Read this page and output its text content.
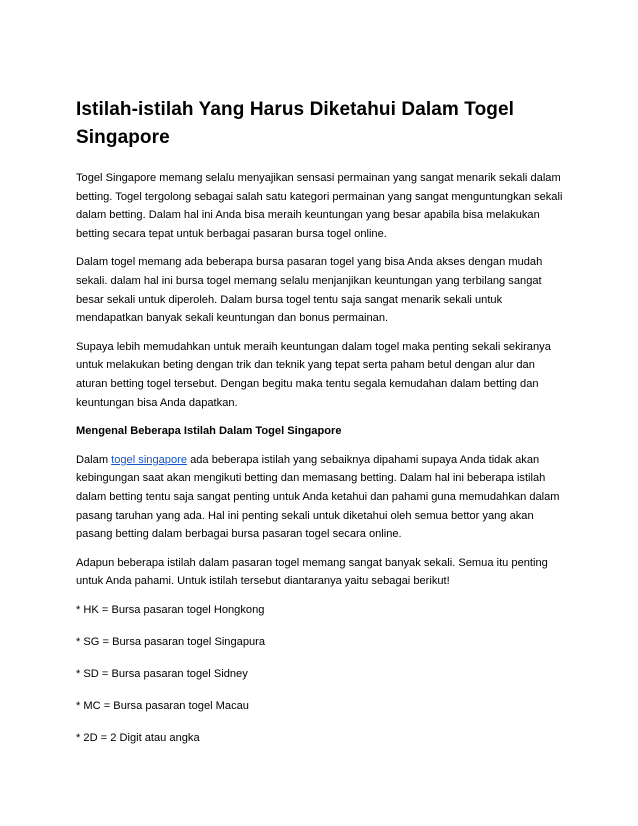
Istilah-istilah Yang Harus Diketahui Dalam Togel Singapore

Togel Singapore memang selalu menyajikan sensasi permainan yang sangat menarik sekali dalam betting. Togel tergolong sebagai salah satu kategori permainan yang sangat menguntungkan sekali dalam betting. Dalam hal ini Anda bisa meraih keuntungan yang besar apabila bisa melakukan betting secara tepat untuk berbagai pasaran bursa togel online.

Dalam togel memang ada beberapa bursa pasaran togel yang bisa Anda akses dengan mudah sekali. dalam hal ini bursa togel memang selalu menjanjikan keuntungan yang terbilang sangat besar sekali untuk diperoleh. Dalam bursa togel tentu saja sangat menarik sekali untuk mendapatkan banyak sekali keuntungan dan bonus permainan.

Supaya lebih memudahkan untuk meraih keuntungan dalam togel maka penting sekali sekiranya untuk melakukan beting dengan trik dan teknik yang tepat serta paham betul dengan alur dan aturan betting togel tersebut. Dengan begitu maka tentu segala kemudahan dalam betting dan keuntungan bisa Anda dapatkan.

Mengenal Beberapa Istilah Dalam Togel Singapore

Dalam togel singapore ada beberapa istilah yang sebaiknya dipahami supaya Anda tidak akan kebingungan saat akan mengikuti betting dan memasang betting. Dalam hal ini beberapa istilah dalam betting tentu saja sangat penting untuk Anda ketahui dan pahami guna memudahkan dalam pasang taruhan yang ada. Hal ini penting sekali untuk diketahui oleh semua bettor yang akan pasang betting dalam berbagai bursa pasaran togel secara online.

Adapun beberapa istilah dalam pasaran togel memang sangat banyak sekali. Semua itu penting untuk Anda pahami. Untuk istilah tersebut diantaranya yaitu sebagai berikut!

* HK = Bursa pasaran togel Hongkong

* SG = Bursa pasaran togel Singapura

* SD = Bursa pasaran togel Sidney

* MC = Bursa pasaran togel Macau

* 2D = 2 Digit atau angka
